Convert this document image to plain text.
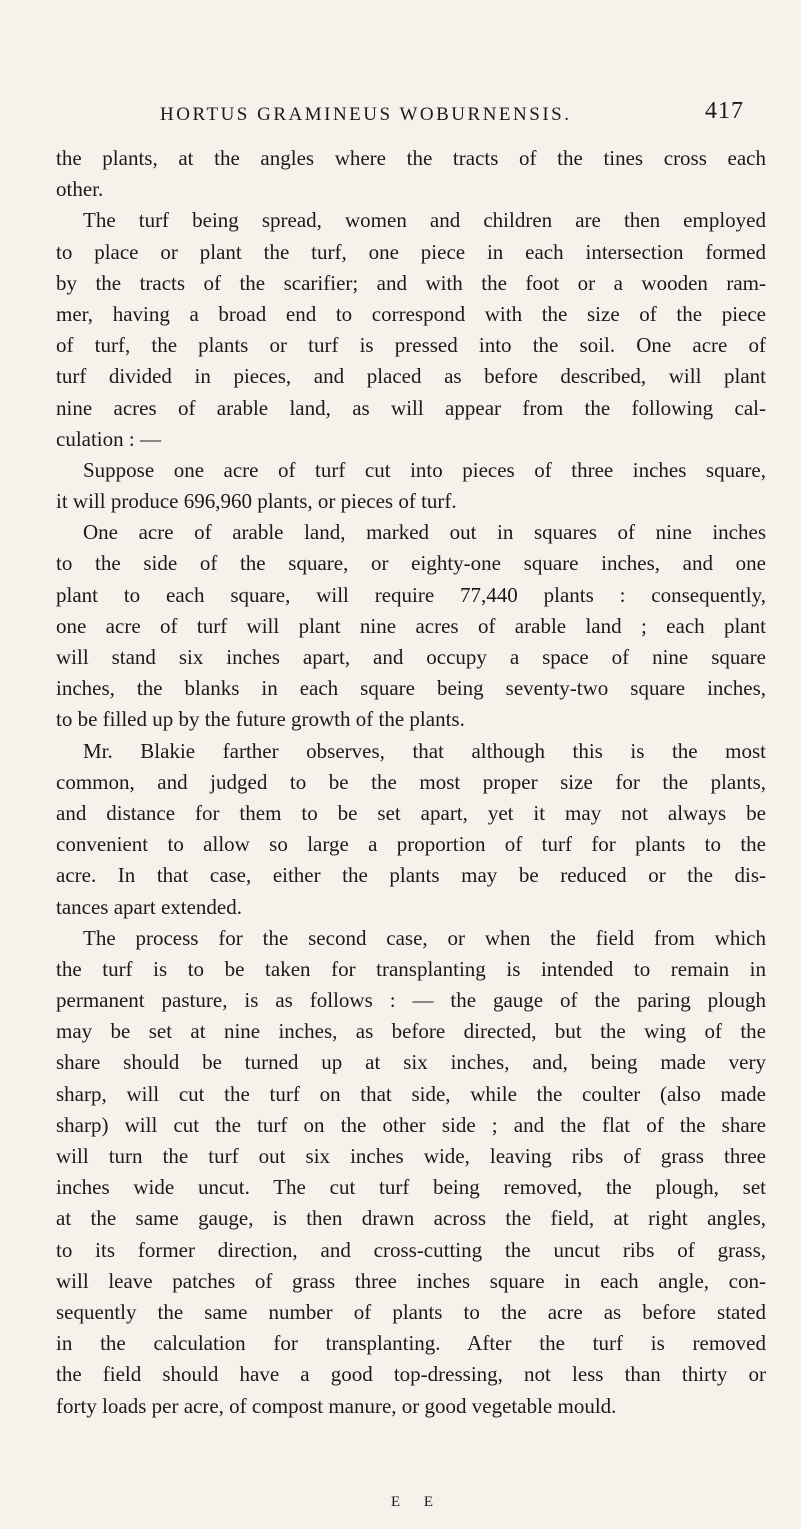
HORTUS GRAMINEUS WOBURNENSIS.	417
the plants, at the angles where the tracts of the tines cross each
other.
The turf being spread, women and children are then employed
to place or plant the turf, one piece in each intersection formed
by the tracts of the scarifier; and with the foot or a wooden ram-
mer, having a broad end to correspond with the size of the piece
of turf, the plants or turf is pressed into the soil. One acre of
turf divided in pieces, and placed as before described, will plant
nine acres of arable land, as will appear from the following cal-
culation : —
Suppose one acre of turf cut into pieces of three inches square,
it will produce 696,960 plants, or pieces of turf.
One acre of arable land, marked out in squares of nine inches
to the side of the square, or eighty-one square inches, and one
plant to each square, will require 77,440 plants : consequently,
one acre of turf will plant nine acres of arable land ; each plant
will stand six inches apart, and occupy a space of nine square
inches, the blanks in each square being seventy-two square inches,
to be filled up by the future growth of the plants.
Mr. Blakie farther observes, that although this is the most
common, and judged to be the most proper size for the plants,
and distance for them to be set apart, yet it may not always be
convenient to allow so large a proportion of turf for plants to the
acre. In that case, either the plants may be reduced or the dis-
tances apart extended.
The process for the second case, or when the field from which
the turf is to be taken for transplanting is intended to remain in
permanent pasture, is as follows : — the gauge of the paring plough
may be set at nine inches, as before directed, but the wing of the
share should be turned up at six inches, and, being made very
sharp, will cut the turf on that side, while the coulter (also made
sharp) will cut the turf on the other side ; and the flat of the share
will turn the turf out six inches wide, leaving ribs of grass three
inches wide uncut. The cut turf being removed, the plough, set
at the same gauge, is then drawn across the field, at right angles,
to its former direction, and cross-cutting the uncut ribs of grass,
will leave patches of grass three inches square in each angle, con-
sequently the same number of plants to the acre as before stated
in the calculation for transplanting. After the turf is removed
the field should have a good top-dressing, not less than thirty or
forty loads per acre, of compost manure, or good vegetable mould.
E E
